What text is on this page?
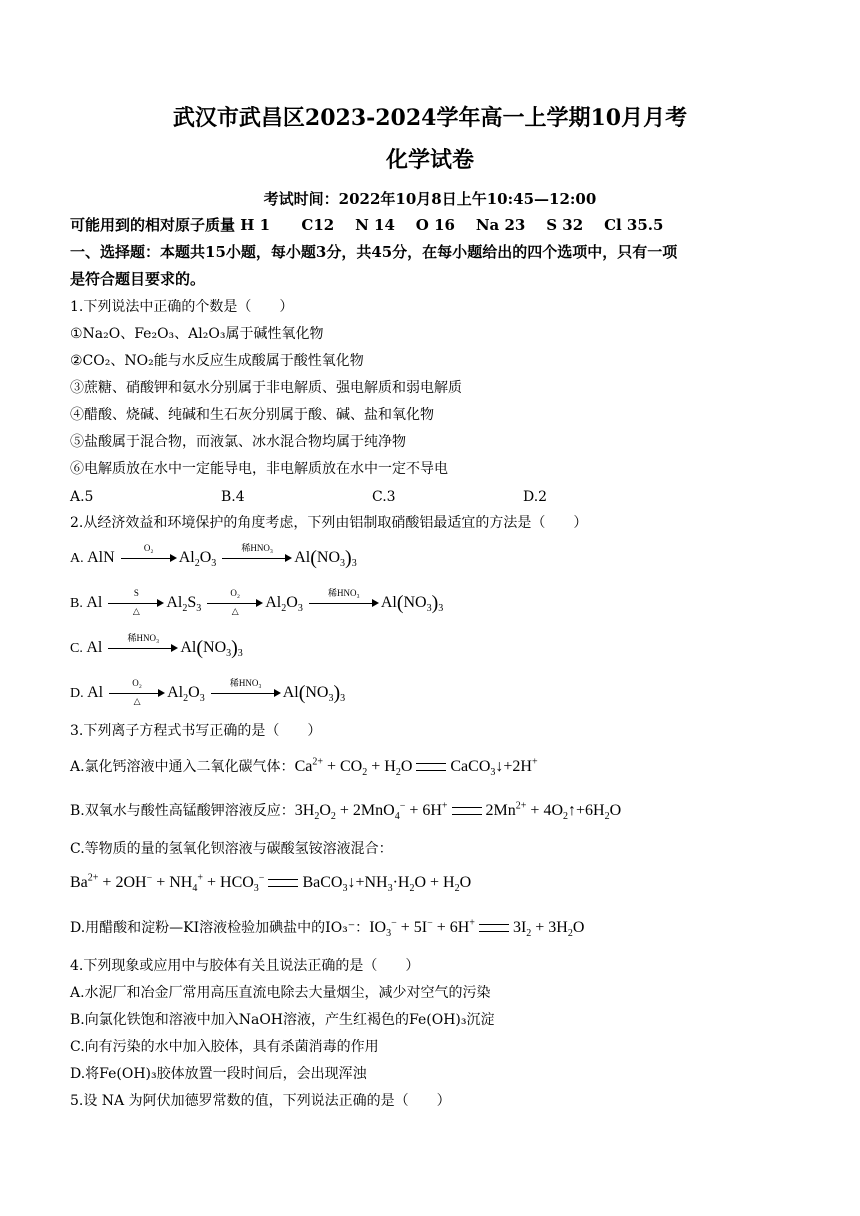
武汉市武昌区2023-2024学年高一上学期10月月考
化学试卷
考试时间：2022年10月8日上午10:45—12:00
可能用到的相对原子质量 H 1      C12    N 14    O 16    Na 23    S 32    Cl 35.5
一、选择题：本题共15小题，每小题3分，共45分，在每小题给出的四个选项中，只有一项
是符合题目要求的。
1.下列说法中正确的个数是（　　）
①Na₂O、Fe₂O₃、Al₂O₃属于碱性氧化物
②CO₂、NO₂能与水反应生成酸属于酸性氧化物
③蔗糖、硝酸钾和氨水分别属于非电解质、强电解质和弱电解质
④醋酸、烧碱、纯碱和生石灰分别属于酸、碱、盐和氧化物
⑤盐酸属于混合物，而液氯、冰水混合物均属于纯净物
⑥电解质放在水中一定能导电，非电解质放在水中一定不导电
A.5	B.4	C.3	D.2
2.从经济效益和环境保护的角度考虑，下列由铝制取硝酸铝最适宜的方法是（　　）
A. AlN
O₂
$Al_2O_3$
稀HNO₃
$Al(NO_3)_3$
B. Al
S
△
$Al_2S_3$
O₂
△
$Al_2O_3$
稀HNO₃
$Al(NO_3)_3$
C. Al
稀HNO₃
$Al(NO_3)_3$
D. Al
O₂
△
$Al_2O_3$
稀HNO₃
$Al(NO_3)_3$
3.下列离子方程式书写正确的是（　　）
A.氯化钙溶液中通入二氧化碳气体：$Ca^{2+} + CO_2 + H_2O$ CaCO$_3$↓+2H+
B.双氧水与酸性高锰酸钾溶液反应：$3H_2O_2 + 2MnO_4^- + 6H^+$ $2Mn^{2+}$ + $4O_2↑+6H_2O$
C.等物质的量的氢氧化钡溶液与碳酸氢铵溶液混合：
$Ba^{2+} + 2OH^- + NH_4^+ + HCO_3^-$ $BaCO_3↓+NH_3\cdot H_2O + H_2O$
D.用醋酸和淀粉—KI溶液检验加碘盐中的IO₃⁻：$IO_3^- + 5I^- + 6H^+$ $3I_2 + 3H_2O$
4.下列现象或应用中与胶体有关且说法正确的是（　　）
A.水泥厂和冶金厂常用高压直流电除去大量烟尘，减少对空气的污染
B.向氯化铁饱和溶液中加入NaOH溶液，产生红褐色的Fe(OH)₃沉淀
C.向有污染的水中加入胶体，具有杀菌消毒的作用
D.将Fe(OH)₃胶体放置一段时间后，会出现浑浊
5.设 NA 为阿伏加德罗常数的值，下列说法正确的是（　　）
